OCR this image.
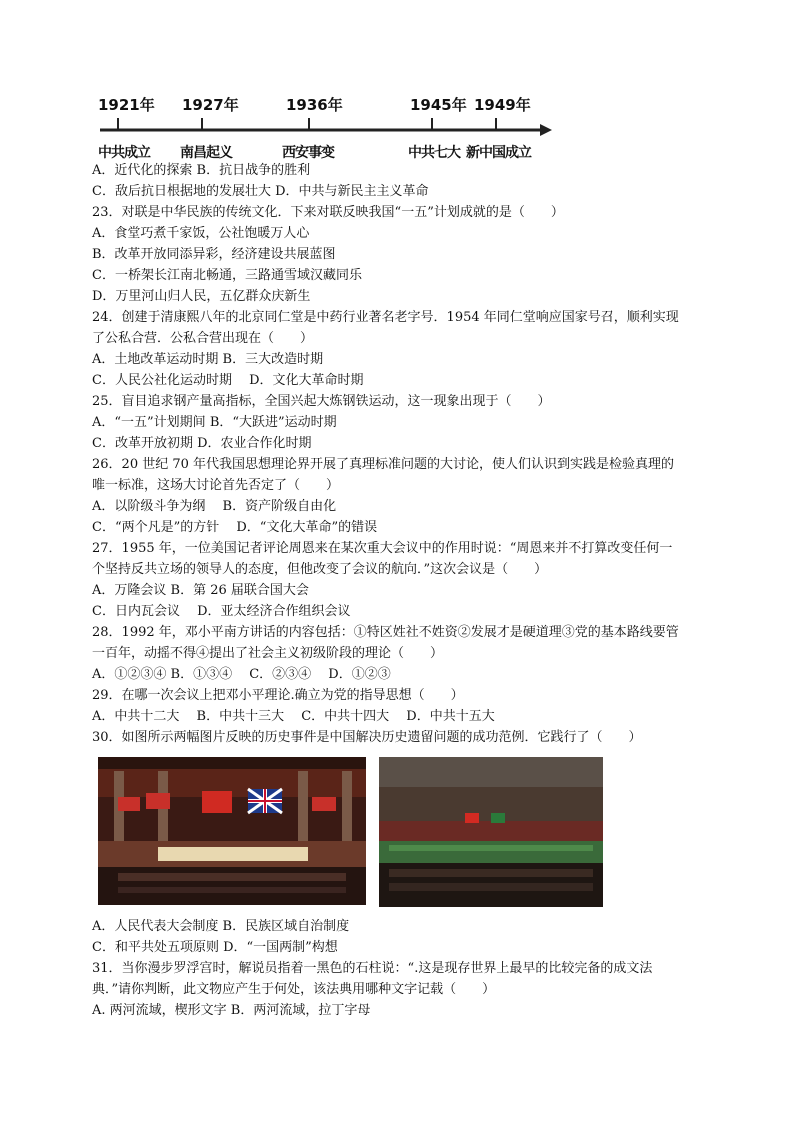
1921年 1927年	1936年	1945年 1949年
中共成立 南昌起义	西安事变	中共七大 新中国成立
A．近代化的探索 B．抗日战争的胜利
C．敌后抗日根据地的发展壮大 D．中共与新民主主义革命
23．对联是中华民族的传统文化．下来对联反映我国“一五”计划成就的是（　　）
A．食堂巧煮千家饭，公社饱暖万人心
B．改革开放同添异彩，经济建设共展蓝图
C．一桥架长江南北畅通，三路通雪域汉藏同乐
D．万里河山归人民，五亿群众庆新生
24．创建于清康熙八年的北京同仁堂是中药行业著名老字号．1954 年同仁堂响应国家号召，顺利实现
了公私合营．公私合营出现在（　　）
A．土地改革运动时期 B．三大改造时期
C．人民公社化运动时期　 D．文化大革命时期
25．盲目追求钢产量高指标，全国兴起大炼钢铁运动，这一现象出现于（　　）
A．“一五”计划期间 B．“大跃进”运动时期
C．改革开放初期 D．农业合作化时期
26．20 世纪 70 年代我国思想理论界开展了真理标准问题的大讨论，使人们认识到实践是检验真理的
唯一标准，这场大讨论首先否定了（　　）
A．以阶级斗争为纲　 B．资产阶级自由化
C．“两个凡是”的方针　 D．“文化大革命”的错误
27．1955 年，一位美国记者评论周恩来在某次重大会议中的作用时说：“周恩来并不打算改变任何一
个坚持反共立场的领导人的态度，但他改变了会议的航向．”这次会议是（　　）
A．万隆会议 B．第 26 届联合国大会
C．日内瓦会议　 D．亚太经济合作组织会议
28．1992 年，邓小平南方讲话的内容包括：①特区姓社不姓资②发展才是硬道理③党的基本路线要管
一百年，动摇不得④提出了社会主义初级阶段的理论（　　）
A．①②③④ B．①③④　 C．②③④　 D．①②③
29．在哪一次会议上把邓小平理论.确立为党的指导思想（　　）
A．中共十二大　 B．中共十三大　 C．中共十四大　 D．中共十五大
30．如图所示两幅图片反映的历史事件是中国解决历史遗留问题的成功范例．它践行了（　　）
A．人民代表大会制度 B．民族区域自治制度
C．和平共处五项原则 D．“一国两制”构想
31．当你漫步罗浮宫时，解说员指着一黑色的石柱说：“.这是现存世界上最早的比较完备的成文法
典．”请你判断，此文物应产生于何处，该法典用哪种文字记载（　　）
A. 两河流域，楔形文字 B．两河流域，拉丁字母
